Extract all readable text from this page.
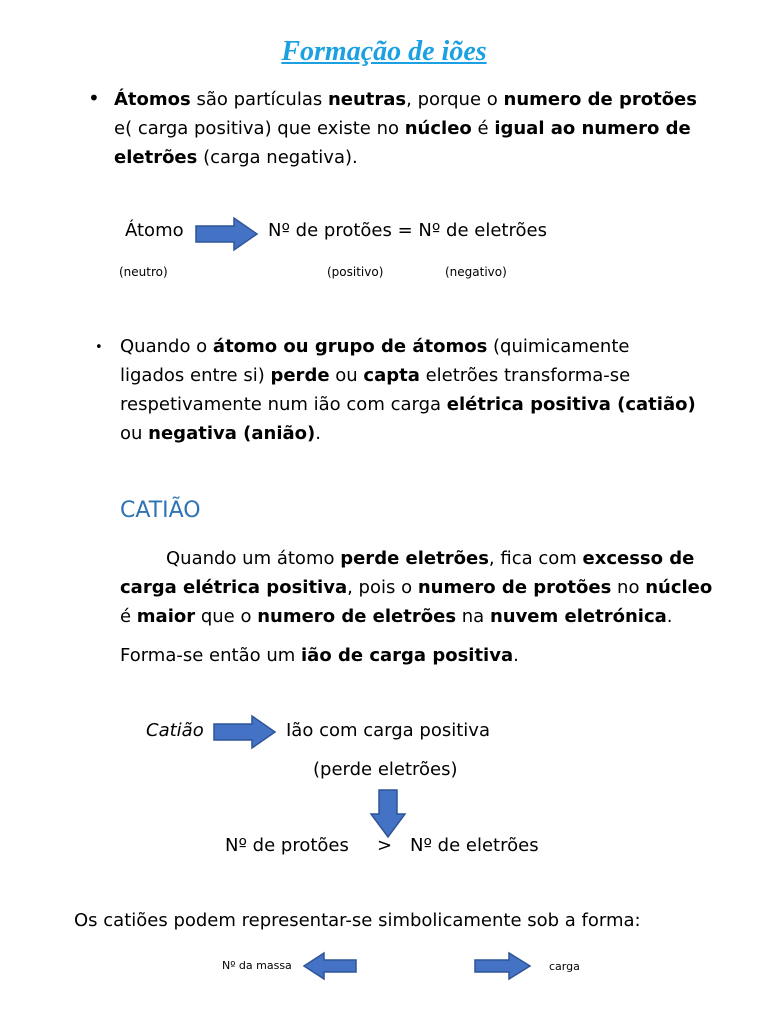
Formação de iões
• Átomos são partículas neutras, porque o numero de protões
e( carga positiva) que existe no núcleo é igual ao numero de
eletrões (carga negativa).
Átomo	Nº de protões = Nº de eletrões
(neutro)	(positivo)	(negativo)
• Quando o átomo ou grupo de átomos (quimicamente
ligados entre si) perde ou capta eletrões transforma-se
respetivamente num ião com carga elétrica positiva (catião)
ou negativa (anião).
CATIÃO
Quando um átomo perde eletrões, fica com excesso de
carga elétrica positiva, pois o numero de protões no núcleo
é maior que o numero de eletrões na nuvem eletrónica.
Forma-se então um ião de carga positiva.
Catião	Ião com carga positiva
(perde eletrões)
Nº de protões > Nº de eletrões
Os catiões podem representar-se simbolicamente sob a forma:
Nº da massa	carga
